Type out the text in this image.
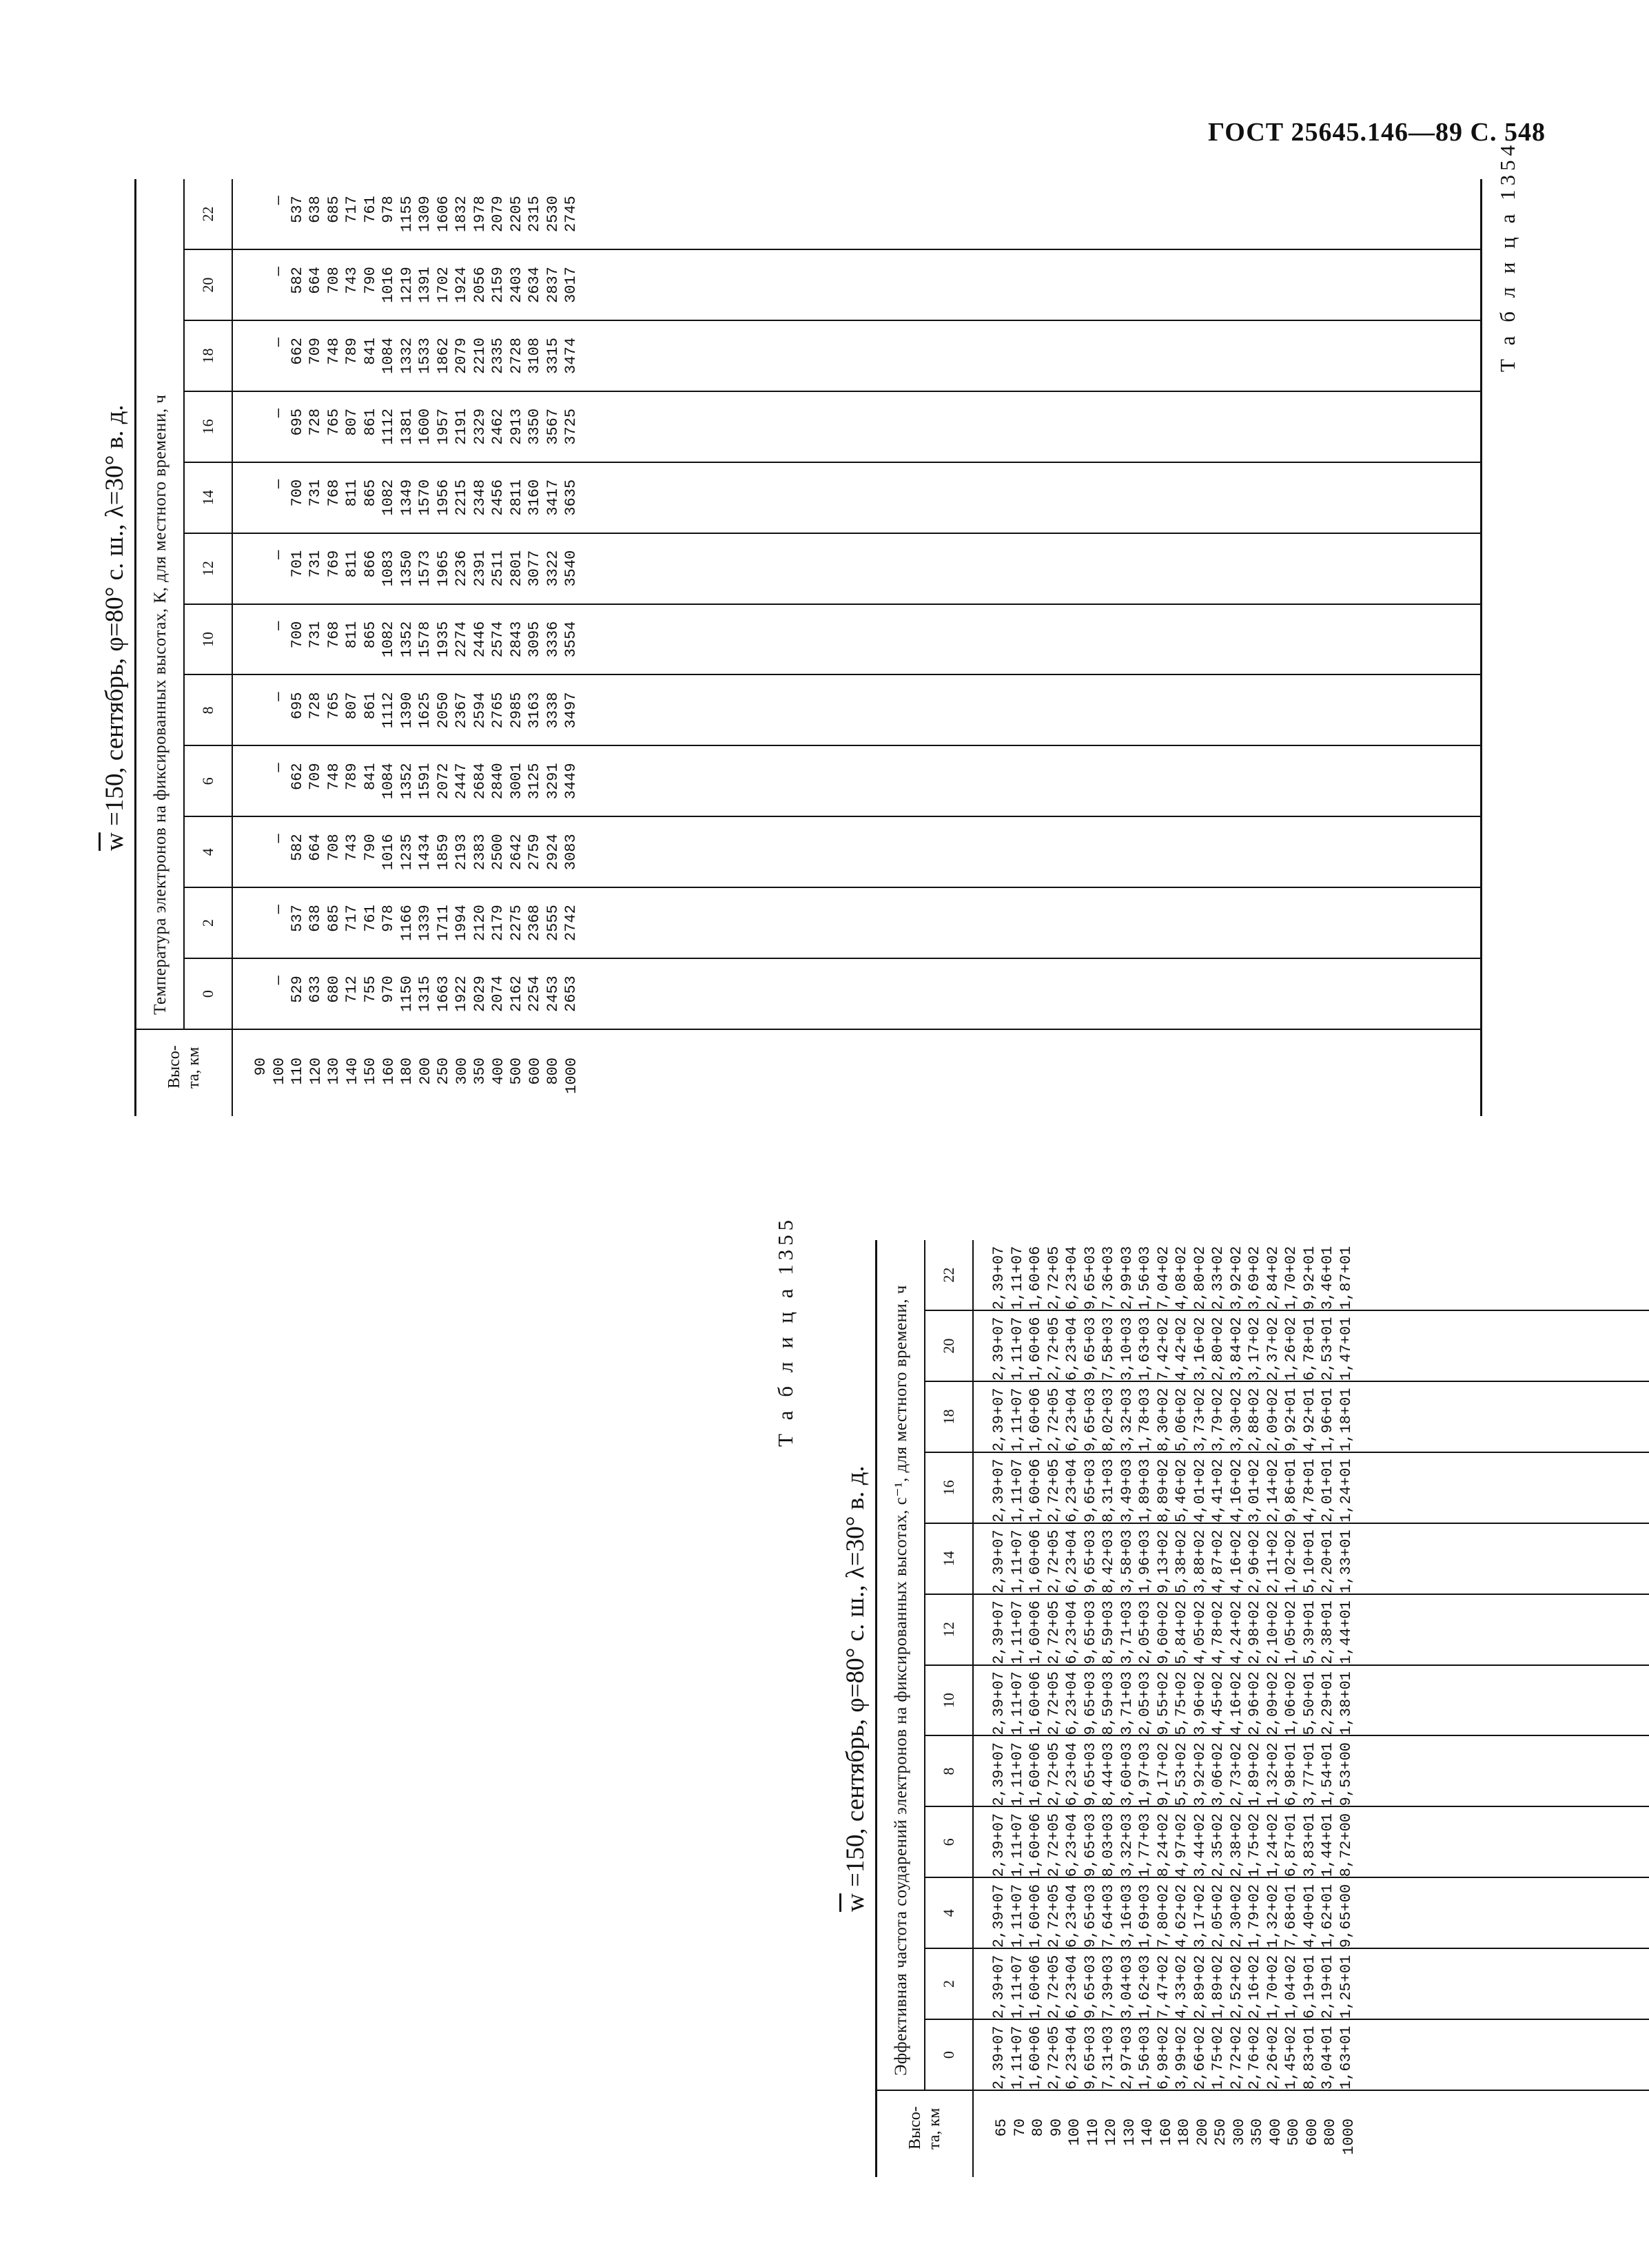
ГОСТ 25645.146—89 С. 548
Т а б л и ц а 1354
$\overline{w} =150$, сентябрь, φ=80° с. ш., λ=30° в. д.
Высо-
та, км
Температура электронов на фиксированных высотах, К, для местного времени, ч	0
2
4
6
8
10
12
14
16
18
20
22
90 100 110 120 130 140 150 160 180 200 250 300 350 400 500 600 800 1000
— 529 633 680 712 755 970 1150 1315 1663 1922 2029 2074 2162 2254 2453 2653
— 537 638 685 717 761 978 1166 1339 1711 1994 2120 2179 2275 2368 2555 2742
— 582 664 708 743 790 1016 1235 1434 1859 2193 2383 2500 2642 2759 2924 3083
— 662 709 748 789 841 1084 1352 1591 2072 2447 2684 2840 3001 3125 3291 3449
— 695 728 765 807 861 1112 1390 1625 2050 2367 2594 2765 2985 3163 3338 3497
— 700 731 768 811 865 1082 1352 1578 1935 2274 2446 2574 2843 3095 3336 3554
— 701 731 769 811 866 1083 1350 1573 1965 2236 2391 2511 2801 3077 3322 3540
— 700 731 768 811 865 1082 1349 1570 1956 2215 2348 2456 2811 3160 3417 3635
— 695 728 765 807 861 1112 1381 1600 1957 2191 2329 2462 2913 3350 3567 3725
— 662 709 748 789 841 1084 1332 1533 1862 2079 2210 2335 2728 3108 3315 3474
— 582 664 708 743 790 1016 1219 1391 1702 1924 2056 2159 2403 2634 2837 3017
— 537 638 685 717 761 978 1155 1309 1606 1832 1978 2079 2205 2315 2530 2745
Т а б л и ц а 1355
$\overline{w} =150$, сентябрь, φ=80° с. ш., λ=30° в. д.
Высо-
та, км
Эффективная частота соударений электронов на фиксированных высотах, с⁻¹, для местного времени, ч	0
2
4
6
8
10
12
14
16
18
20
22
65 70 80 90 100 110 120 130 140 160 180 200 250 300 350 400 500 600 800 1000
2,39+07 1,11+07 1,60+06 2,72+05 6,23+04 9,65+03 7,31+03 2,97+03 1,56+03 6,98+02 3,99+02 2,66+02 1,75+02 2,72+02 2,76+02 2,26+02 1,45+02 8,83+01 3,04+01 1,63+01
2,39+07 1,11+07 1,60+06 2,72+05 6,23+04 9,65+03 7,39+03 3,04+03 1,62+03 7,47+02 4,33+02 2,89+02 1,89+02 2,52+02 2,16+02 1,70+02 1,04+02 6,19+01 2,19+01 1,25+01
2,39+07 1,11+07 1,60+06 2,72+05 6,23+04 9,65+03 7,64+03 3,16+03 1,69+03 7,80+02 4,62+02 3,17+02 2,05+02 2,30+02 1,79+02 1,32+02 7,68+01 4,40+01 1,62+01 9,65+00
2,39+07 1,11+07 1,60+06 2,72+05 6,23+04 9,65+03 8,03+03 3,32+03 1,77+03 8,24+02 4,97+02 3,44+02 2,35+02 2,38+02 1,75+02 1,24+02 6,87+01 3,83+01 1,44+01 8,72+00
2,39+07 1,11+07 1,60+06 2,72+05 6,23+04 9,65+03 8,44+03 3,60+03 1,97+03 9,17+02 5,53+02 3,92+02 3,06+02 2,73+02 1,89+02 1,32+02 6,98+01 3,77+01 1,54+01 9,53+00
2,39+07 1,11+07 1,60+06 2,72+05 6,23+04 9,65+03 8,59+03 3,71+03 2,05+03 9,55+02 5,75+02 3,96+02 4,45+02 4,16+02 2,96+02 2,09+02 1,06+02 5,50+01 2,29+01 1,38+01
2,39+07 1,11+07 1,60+06 2,72+05 6,23+04 9,65+03 8,59+03 3,71+03 2,05+03 9,60+02 5,84+02 4,05+02 4,78+02 4,24+02 2,98+02 2,10+02 1,05+02 5,39+01 2,38+01 1,44+01
2,39+07 1,11+07 1,60+06 2,72+05 6,23+04 9,65+03 8,42+03 3,58+03 1,96+03 9,13+02 5,38+02 3,88+02 4,87+02 4,16+02 2,96+02 2,11+02 1,02+02 5,10+01 2,20+01 1,33+01
2,39+07 1,11+07 1,60+06 2,72+05 6,23+04 9,65+03 8,31+03 3,49+03 1,89+03 8,89+02 5,46+02 4,01+02 4,41+02 4,16+02 3,01+02 2,14+02 9,86+01 4,78+01 2,01+01 1,24+01
2,39+07 1,11+07 1,60+06 2,72+05 6,23+04 9,65+03 8,02+03 3,32+03 1,78+03 8,30+02 5,06+02 3,73+02 3,79+02 3,30+02 2,88+02 2,09+02 9,92+01 4,92+01 1,96+01 1,18+01
2,39+07 1,11+07 1,60+06 2,72+05 6,23+04 9,65+03 7,58+03 3,10+03 1,63+03 7,42+02 4,42+02 3,16+02 2,80+02 3,84+02 3,17+02 2,37+02 1,26+02 6,78+01 2,53+01 1,47+01
2,39+07 1,11+07 1,60+06 2,72+05 6,23+04 9,65+03 7,36+03 2,99+03 1,56+03 7,04+02 4,08+02 2,80+02 2,33+02 3,92+02 3,69+02 2,84+02 1,70+02 9,92+01 3,46+01 1,87+01
